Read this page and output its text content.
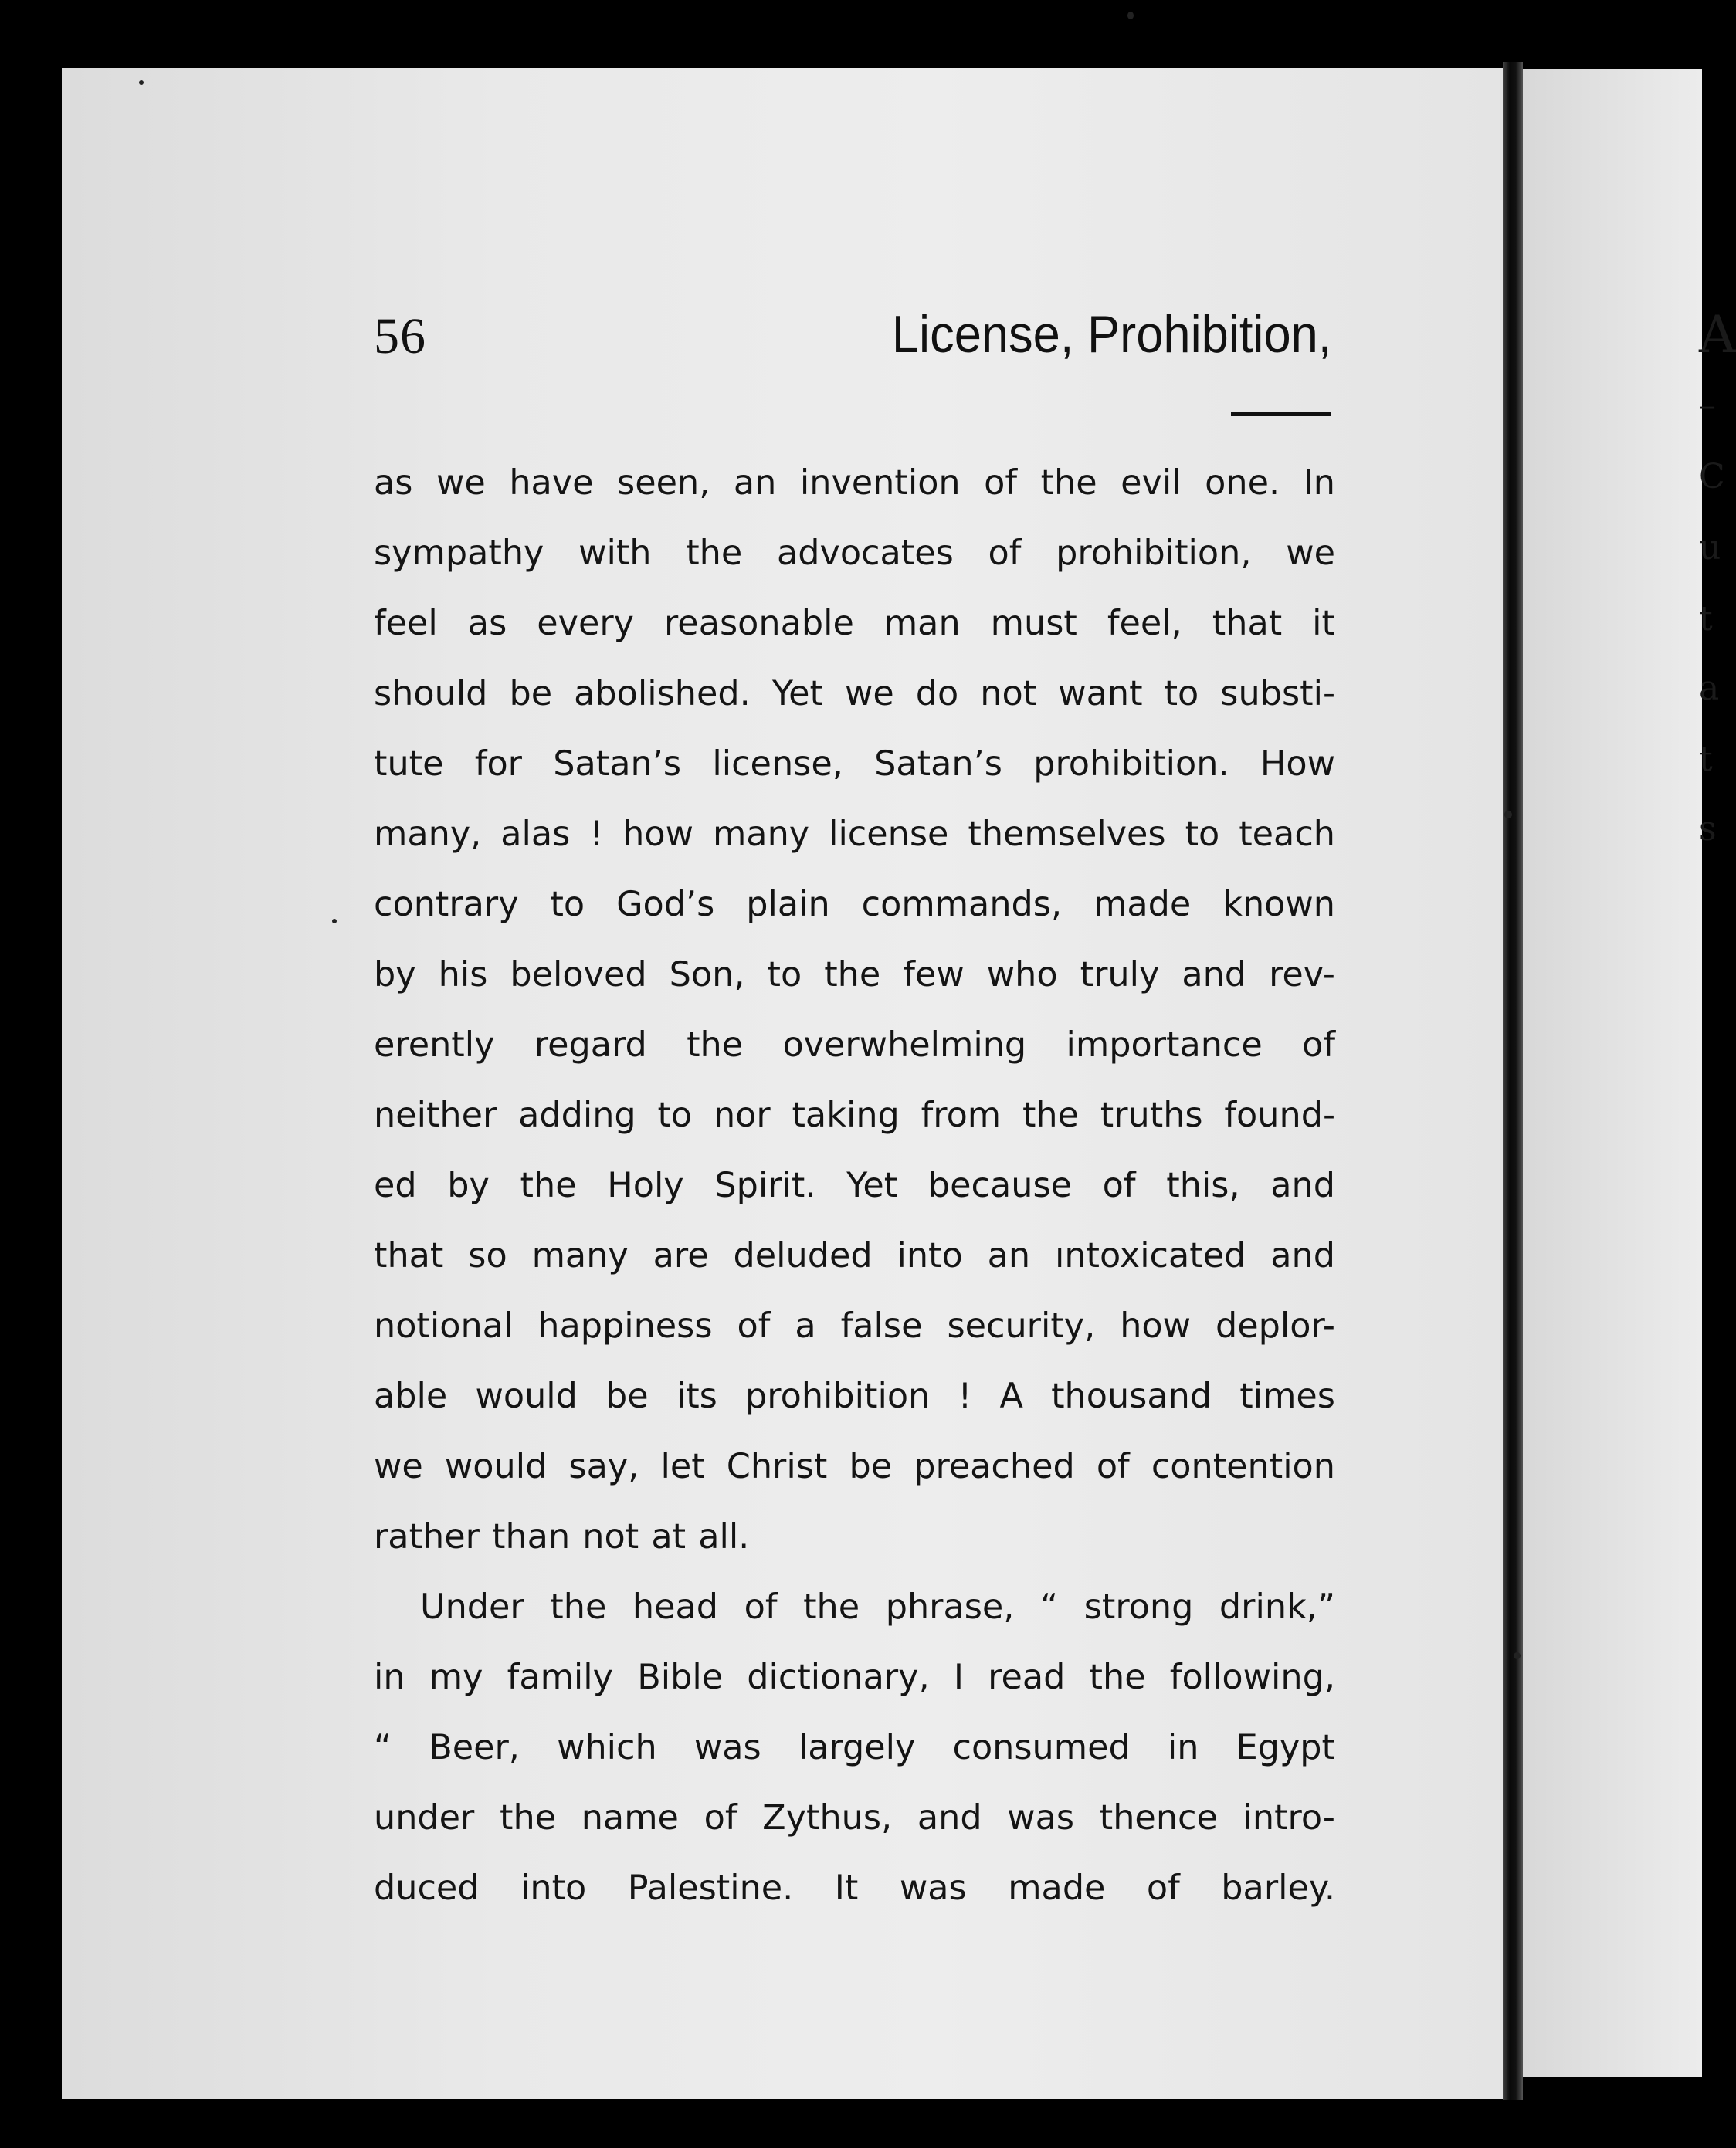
A
–
C
u
t
a
t
s
56	License, Prohibition,
as we have seen, an invention of the evil one. In
sympathy with the advocates of prohibition, we
feel as every reasonable man must feel, that it
should be abolished. Yet we do not want to substi-
tute for Satan’s license, Satan’s prohibition. How
many, alas ! how many license themselves to teach
contrary to God’s plain commands, made known
by his beloved Son, to the few who truly and rev-
erently regard the overwhelming importance of
neither adding to nor taking from the truths found-
ed by the Holy Spirit. Yet because of this, and
that so many are deluded into an ıntoxicated and
notional happiness of a false security, how deplor-
able would be its prohibition ! A thousand times
we would say, let Christ be preached of contention
rather than not at all.
Under the head of the phrase, “ strong drink,”
in my family Bible dictionary, I read the following,
“ Beer, which was largely consumed in Egypt
under the name of Zythus, and was thence intro-
duced into Palestine. It was made of barley.
